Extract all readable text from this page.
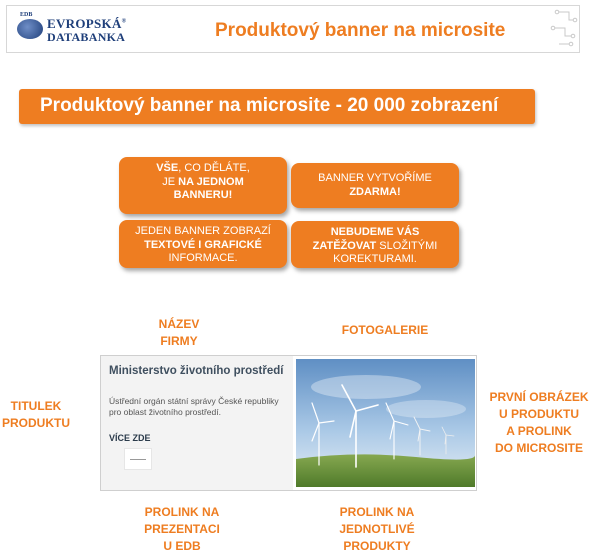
EDB
EVROPSKÁ®
DATABANKA	Produktový banner na microsite
Produktový banner na microsite - 20 000 zobrazení
VŠE, CO DĚLÁTE,
JE NA JEDNOM
BANNERU!
BANNER VYTVOŘÍME
ZDARMA!
JEDEN BANNER ZOBRAZÍ
TEXTOVÉ I GRAFICKÉ
INFORMACE.
NEBUDEME VÁS
ZATĚŽOVAT SLOŽITÝMI
KOREKTURAMI.
NÁZEV
FIRMY
FOTOGALERIE
TITULEK
PRODUKTU
PRVNÍ OBRÁZEK
U PRODUKTU
A PROLINK
DO MICROSITE
PROLINK NA
PREZENTACI
U EDB
PROLINK NA
JEDNOTLIVÉ
PRODUKTY
Ministerstvo životního prostředí
Ústřední orgán státní správy České republiky pro oblast životního prostředí.
VÍCE ZDE
